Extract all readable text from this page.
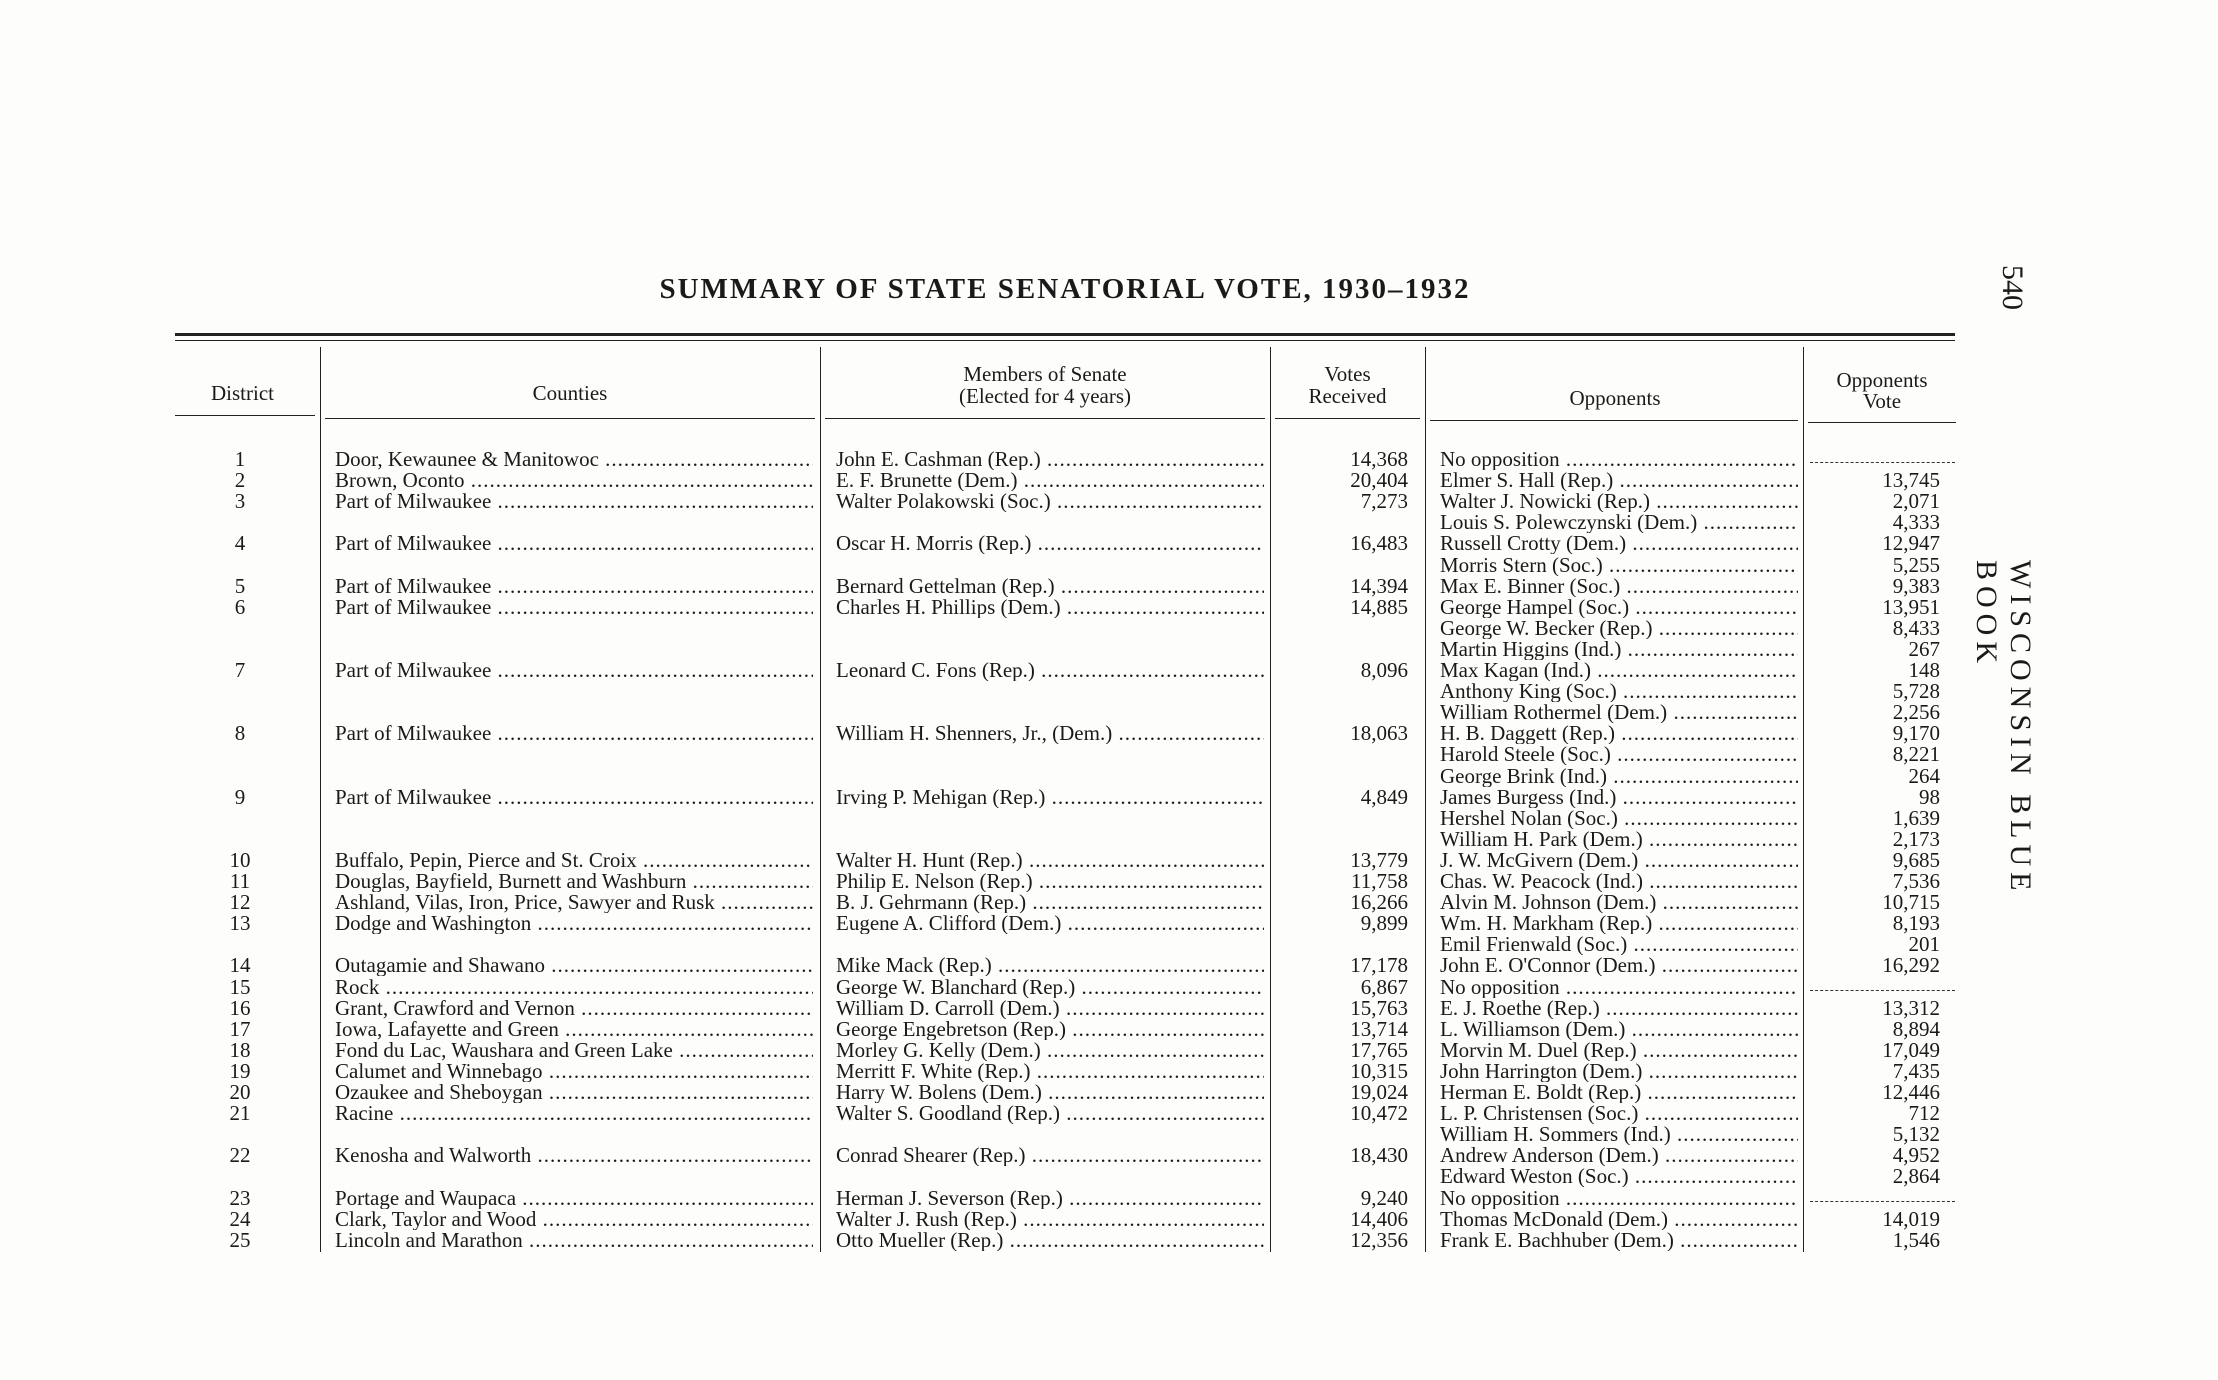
SUMMARY OF STATE SENATORIAL VOTE, 1930–1932	540
WISCONSIN BLUE BOOK
District	Counties
Members of Senate
(Elected for 4 years)
Votes
Received	Opponents
Opponents
Vote
1	Door, Kewaunee & Manitowoc .....	John E. Cashman (Rep.) .....	14,368 No opposition .....
2	Brown, Oconto .....	E. F. Brunette (Dem.) .....	20,404 Elmer S. Hall (Rep.) .....	13,745
3	Part of Milwaukee .....	Walter Polakowski (Soc.) .....	7,273 Walter J. Nowicki (Rep.) .....	2,071
Louis S. Polewczynski (Dem.) .....	4,333
4	Part of Milwaukee .....	Oscar H. Morris (Rep.) .....	16,483 Russell Crotty (Dem.) .....	12,947
Morris Stern (Soc.) .....	5,255
5	Part of Milwaukee .....	Bernard Gettelman (Rep.) .....	14,394 Max E. Binner (Soc.) .....	9,383
6	Part of Milwaukee .....	Charles H. Phillips (Dem.) .....	14,885 George Hampel (Soc.) .....	13,951
George W. Becker (Rep.) .....	8,433
Martin Higgins (Ind.) .....	267
7	Part of Milwaukee .....	Leonard C. Fons (Rep.) .....	8,096 Max Kagan (Ind.) .....	148
Anthony King (Soc.) .....	5,728
William Rothermel (Dem.) .....	2,256
8	Part of Milwaukee .....	William H. Shenners, Jr., (Dem.) .....	18,063 H. B. Daggett (Rep.) .....	9,170
Harold Steele (Soc.) .....	8,221
George Brink (Ind.) .....	264
9	Part of Milwaukee .....	Irving P. Mehigan (Rep.) .....	4,849 James Burgess (Ind.) .....	98
Hershel Nolan (Soc.) .....	1,639
William H. Park (Dem.) .....	2,173
10	Buffalo, Pepin, Pierce and St. Croix .....	Walter H. Hunt (Rep.) .....	13,779 J. W. McGivern (Dem.) .....	9,685
11	Douglas, Bayfield, Burnett and Washburn .....	Philip E. Nelson (Rep.) .....	11,758 Chas. W. Peacock (Ind.) .....	7,536
12	Ashland, Vilas, Iron, Price, Sawyer and Rusk .....	B. J. Gehrmann (Rep.) .....	16,266 Alvin M. Johnson (Dem.) .....	10,715
13	Dodge and Washington .....	Eugene A. Clifford (Dem.) .....	9,899 Wm. H. Markham (Rep.) .....	8,193
Emil Frienwald (Soc.) .....	201
14	Outagamie and Shawano .....	Mike Mack (Rep.) .....	17,178 John E. O'Connor (Dem.) .....	16,292
15	Rock .....	George W. Blanchard (Rep.) .....	6,867 No opposition .....
16	Grant, Crawford and Vernon .....	William D. Carroll (Dem.) .....	15,763 E. J. Roethe (Rep.) .....	13,312
17	Iowa, Lafayette and Green .....	George Engebretson (Rep.) .....	13,714 L. Williamson (Dem.) .....	8,894
18	Fond du Lac, Waushara and Green Lake .....	Morley G. Kelly (Dem.) .....	17,765 Morvin M. Duel (Rep.) .....	17,049
19	Calumet and Winnebago .....	Merritt F. White (Rep.) .....	10,315 John Harrington (Dem.) .....	7,435
20	Ozaukee and Sheboygan .....	Harry W. Bolens (Dem.) .....	19,024 Herman E. Boldt (Rep.) .....	12,446
21	Racine .....	Walter S. Goodland (Rep.) .....	10,472 L. P. Christensen (Soc.) .....	712
William H. Sommers (Ind.) .....	5,132
22	Kenosha and Walworth .....	Conrad Shearer (Rep.) .....	18,430 Andrew Anderson (Dem.) .....	4,952
Edward Weston (Soc.) .....	2,864
23	Portage and Waupaca .....	Herman J. Severson (Rep.) .....	9,240 No opposition .....
24	Clark, Taylor and Wood .....	Walter J. Rush (Rep.) .....	14,406 Thomas McDonald (Dem.) .....	14,019
25	Lincoln and Marathon .....	Otto Mueller (Rep.) .....	12,356 Frank E. Bachhuber (Dem.) .....	1,546
